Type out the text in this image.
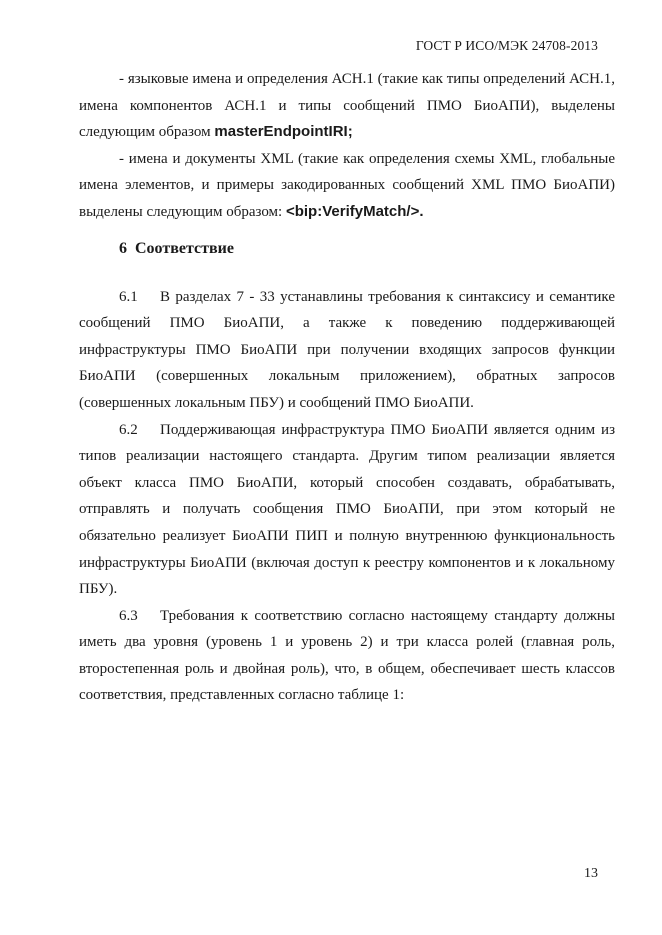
ГОСТ Р ИСО/МЭК 24708-2013

- языковые имена и определения АСН.1 (такие как типы определений АСН.1, имена компонентов АСН.1 и типы сообщений ПМО БиоАПИ), выделены следующим образом masterEndpointIRI;

- имена и документы XML (такие как определения схемы XML, глобальные имена элементов, и примеры закодированных сообщений XML ПМО БиоАПИ) выделены следующим образом: <bip:VerifyMatch/>.

6 Соответствие

6.1 В разделах 7 - 33 устанавлины требования к синтаксису и семантике сообщений ПМО БиоАПИ, а также к поведению поддерживающей инфраструктуры ПМО БиоАПИ при получении входящих запросов функции БиоАПИ (совершенных локальным приложением), обратных запросов (совершенных локальным ПБУ) и сообщений ПМО БиоАПИ.

6.2 Поддерживающая инфраструктура ПМО БиоАПИ является одним из типов реализации настоящего стандарта. Другим типом реализации является объект класса ПМО БиоАПИ, который способен создавать, обрабатывать, отправлять и получать сообщения ПМО БиоАПИ, при этом который не обязательно реализует БиоАПИ ПИП и полную внутреннюю функциональность инфраструктуры БиоАПИ (включая доступ к реестру компонентов и к локальному ПБУ).

6.3 Требования к соответствию согласно настоящему стандарту должны иметь два уровня (уровень 1 и уровень 2) и три класса ролей (главная роль, второстепенная роль и двойная роль), что, в общем, обеспечивает шесть классов соответствия, представленных согласно таблице 1:

13
